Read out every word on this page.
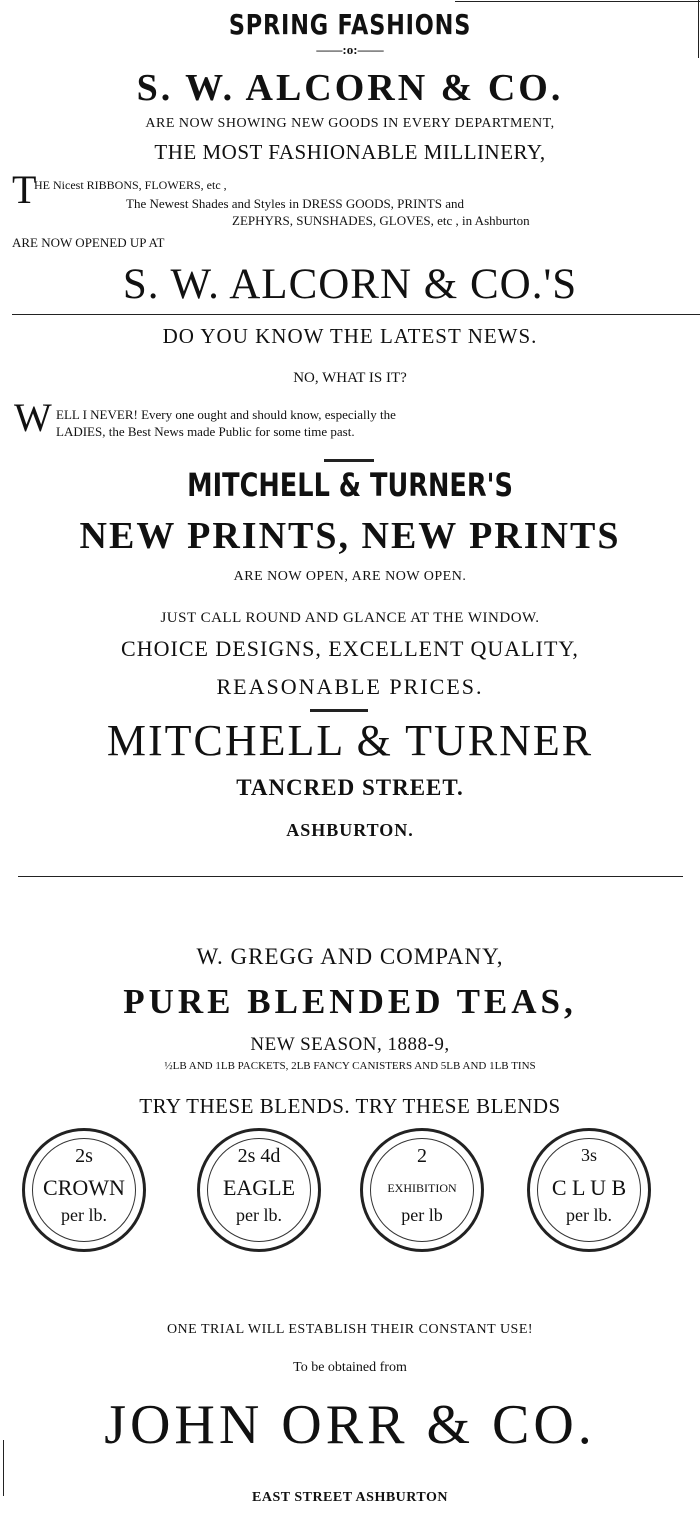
SPRING FASHIONS
——:o:——
S. W. ALCORN & CO.
ARE NOW SHOWING NEW GOODS IN EVERY DEPARTMENT,
THE MOST FASHIONABLE MILLINERY,
T
HE Nicest RIBBONS, FLOWERS, etc ,
The Newest Shades and Styles in DRESS GOODS, PRINTS and
ZEPHYRS, SUNSHADES, GLOVES, etc , in Ashburton
ARE NOW OPENED UP AT
S. W. ALCORN & CO.'S
DO YOU KNOW THE LATEST NEWS.
NO, WHAT IS IT?
W ELL I NEVER! Every one ought and should know, especially the
LADIES, the Best News made Public for some time past.
MITCHELL & TURNER'S
NEW PRINTS, NEW PRINTS
ARE NOW OPEN, ARE NOW OPEN.
JUST CALL ROUND AND GLANCE AT THE WINDOW.
CHOICE DESIGNS, EXCELLENT QUALITY,
REASONABLE PRICES.
MITCHELL & TURNER
TANCRED STREET.
ASHBURTON.
W. GREGG AND COMPANY,
PURE BLENDED TEAS,
NEW SEASON, 1888-9,
½LB AND 1LB PACKETS, 2LB FANCY CANISTERS AND 5LB AND 1LB TINS
TRY THESE BLENDS. TRY THESE BLENDS
2s
CROWN
per lb.
2s 4d
EAGLE
per lb.
2
EXHIBITION
per lb
3s
C L U B
per lb.
ONE TRIAL WILL ESTABLISH THEIR CONSTANT USE!
To be obtained from
JOHN ORR & CO.
EAST STREET ASHBURTON
